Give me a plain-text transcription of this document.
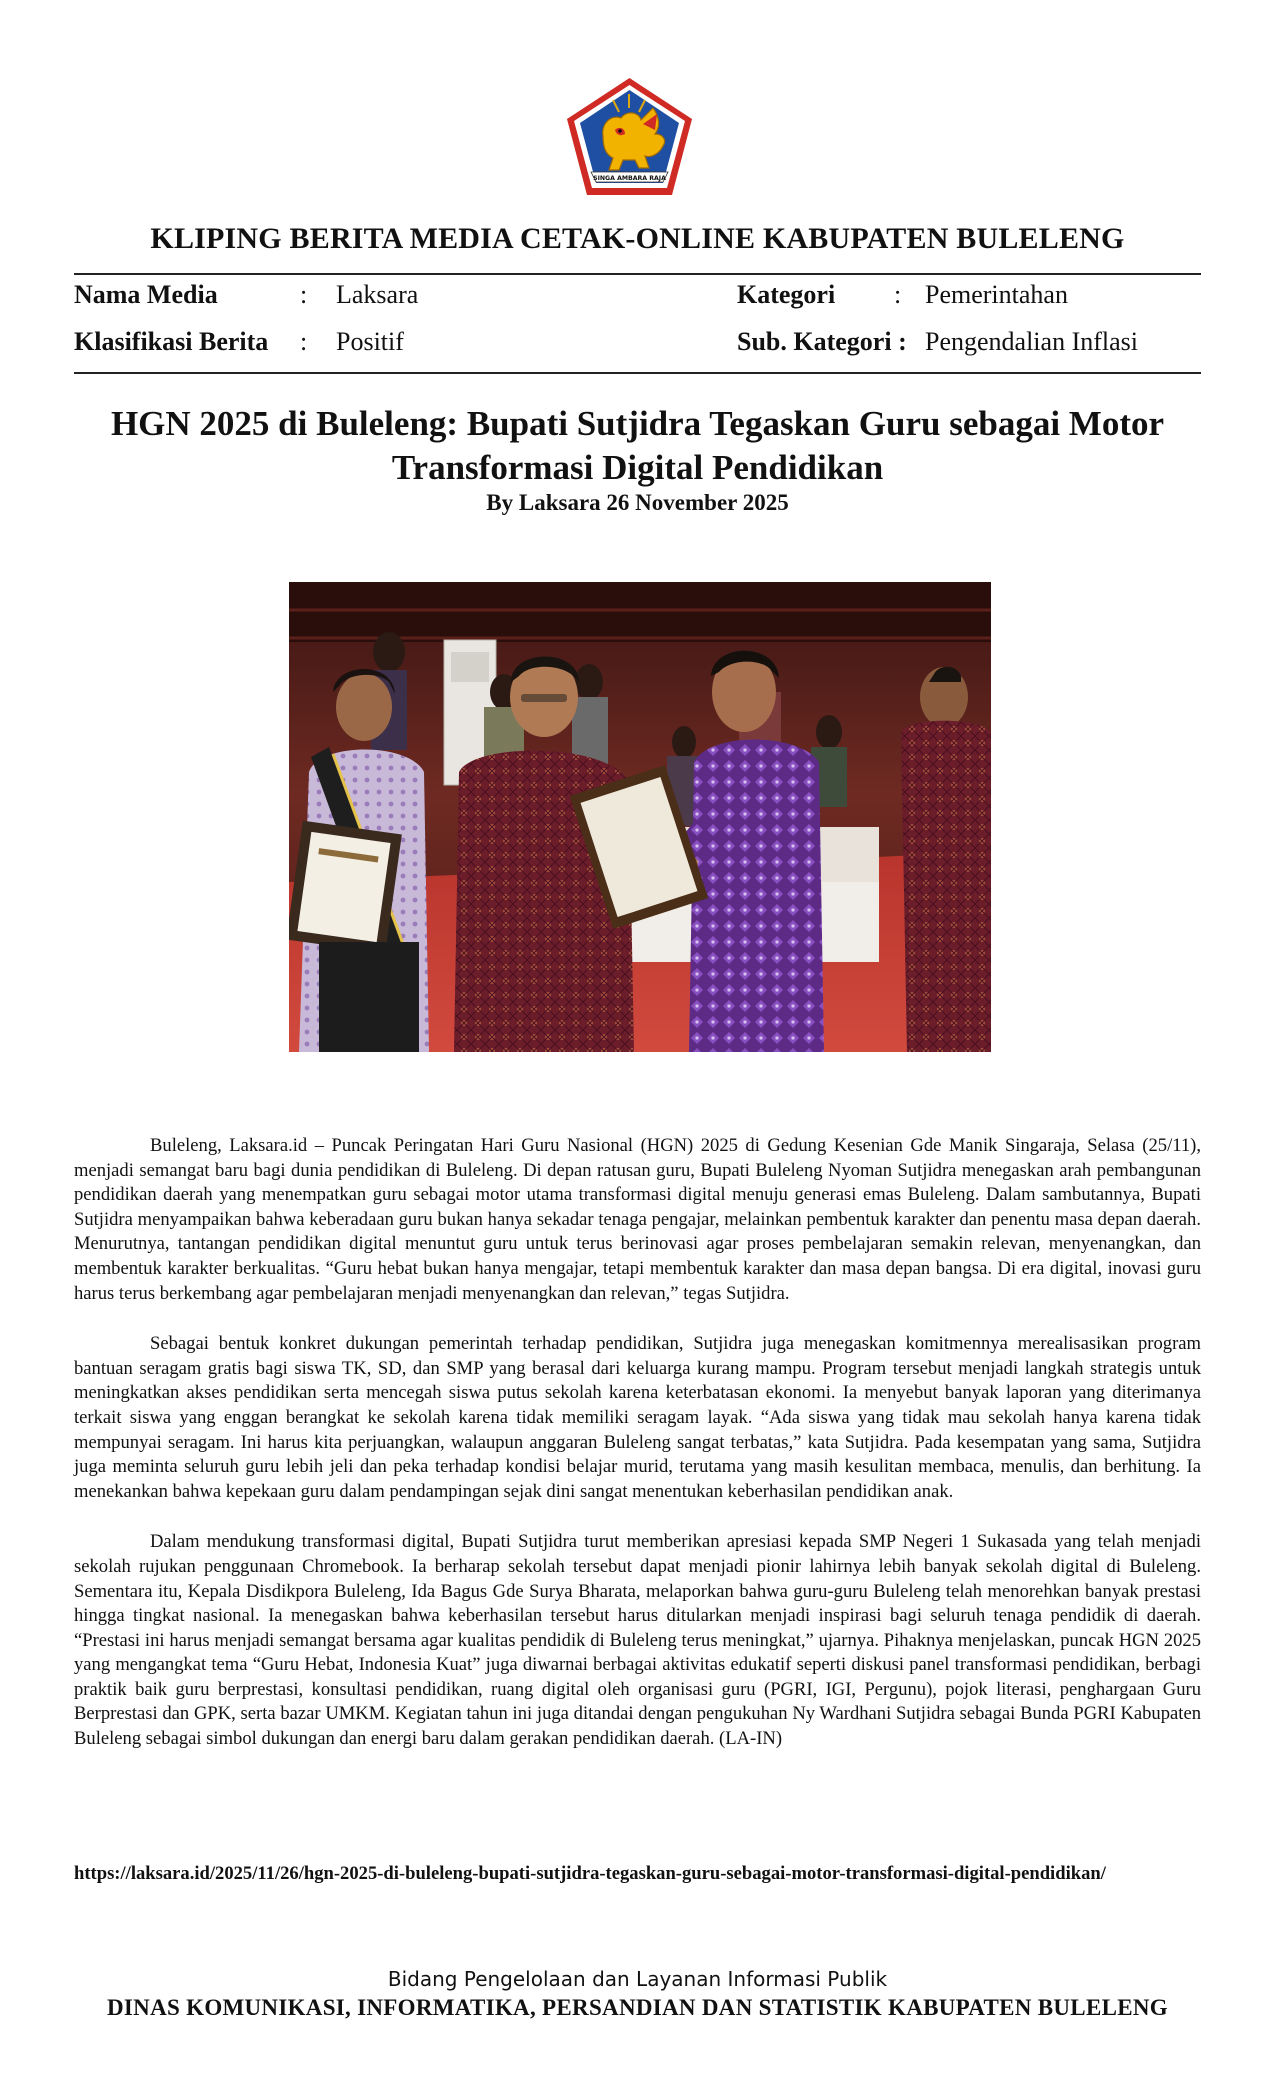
SINGA AMBARA RAJA
KLIPING BERITA MEDIA CETAK-ONLINE KABUPATEN BULELENG
Nama Media	: Laksara
Klasifikasi Berita : Positif
Kategori : Pemerintahan
Sub. Kategori : Pengendalian Inflasi
HGN 2025 di Buleleng: Bupati Sutjidra Tegaskan Guru sebagai Motor Transformasi Digital Pendidikan
By Laksara 26 November 2025

Buleleng, Laksara.id – Puncak Peringatan Hari Guru Nasional (HGN) 2025 di Gedung Kesenian Gde Manik Singaraja, Selasa (25/11), menjadi semangat baru bagi dunia pendidikan di Buleleng. Di depan ratusan guru, Bupati Buleleng Nyoman Sutjidra menegaskan arah pembangunan pendidikan daerah yang menempatkan guru sebagai motor utama transformasi digital menuju generasi emas Buleleng. Dalam sambutannya, Bupati Sutjidra menyampaikan bahwa keberadaan guru bukan hanya sekadar tenaga pengajar, melainkan pembentuk karakter dan penentu masa depan daerah. Menurutnya, tantangan pendidikan digital menuntut guru untuk terus berinovasi agar proses pembelajaran semakin relevan, menyenangkan, dan membentuk karakter berkualitas. “Guru hebat bukan hanya mengajar, tetapi membentuk karakter dan masa depan bangsa. Di era digital, inovasi guru harus terus berkembang agar pembelajaran menjadi menyenangkan dan relevan,” tegas Sutjidra.

Sebagai bentuk konkret dukungan pemerintah terhadap pendidikan, Sutjidra juga menegaskan komitmennya merealisasikan program bantuan seragam gratis bagi siswa TK, SD, dan SMP yang berasal dari keluarga kurang mampu. Program tersebut menjadi langkah strategis untuk meningkatkan akses pendidikan serta mencegah siswa putus sekolah karena keterbatasan ekonomi. Ia menyebut banyak laporan yang diterimanya terkait siswa yang enggan berangkat ke sekolah karena tidak memiliki seragam layak. “Ada siswa yang tidak mau sekolah hanya karena tidak mempunyai seragam. Ini harus kita perjuangkan, walaupun anggaran Buleleng sangat terbatas,” kata Sutjidra. Pada kesempatan yang sama, Sutjidra juga meminta seluruh guru lebih jeli dan peka terhadap kondisi belajar murid, terutama yang masih kesulitan membaca, menulis, dan berhitung. Ia menekankan bahwa kepekaan guru dalam pendampingan sejak dini sangat menentukan keberhasilan pendidikan anak.

Dalam mendukung transformasi digital, Bupati Sutjidra turut memberikan apresiasi kepada SMP Negeri 1 Sukasada yang telah menjadi sekolah rujukan penggunaan Chromebook. Ia berharap sekolah tersebut dapat menjadi pionir lahirnya lebih banyak sekolah digital di Buleleng. Sementara itu, Kepala Disdikpora Buleleng, Ida Bagus Gde Surya Bharata, melaporkan bahwa guru-guru Buleleng telah menorehkan banyak prestasi hingga tingkat nasional. Ia menegaskan bahwa keberhasilan tersebut harus ditularkan menjadi inspirasi bagi seluruh tenaga pendidik di daerah. “Prestasi ini harus menjadi semangat bersama agar kualitas pendidik di Buleleng terus meningkat,” ujarnya. Pihaknya menjelaskan, puncak HGN 2025 yang mengangkat tema “Guru Hebat, Indonesia Kuat” juga diwarnai berbagai aktivitas edukatif seperti diskusi panel transformasi pendidikan, berbagi praktik baik guru berprestasi, konsultasi pendidikan, ruang digital oleh organisasi guru (PGRI, IGI, Pergunu), pojok literasi, penghargaan Guru Berprestasi dan GPK, serta bazar UMKM. Kegiatan tahun ini juga ditandai dengan pengukuhan Ny Wardhani Sutjidra sebagai Bunda PGRI Kabupaten Buleleng sebagai simbol dukungan dan energi baru dalam gerakan pendidikan daerah. (LA-IN)

https://laksara.id/2025/11/26/hgn-2025-di-buleleng-bupati-sutjidra-tegaskan-guru-sebagai-motor-transformasi-digital-pendidikan/
Bidang Pengelolaan dan Layanan Informasi Publik
DINAS KOMUNIKASI, INFORMATIKA, PERSANDIAN DAN STATISTIK KABUPATEN BULELENG
